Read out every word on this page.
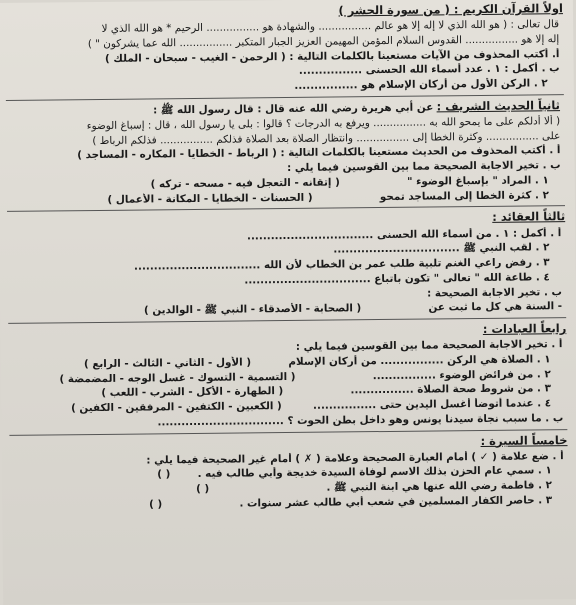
اولاً القرآن الكريم : ( من سورة الحشر )
قال تعالى : ( هو الله الذي لا إله إلا هو عالم ................ والشهادة هو ................ الرحيم * هو الله الذي لا
إله إلا هو ................ القدوس السلام المؤمن المهيمن العزيز الجبار المتكبر ................ الله عما يشركون " )
أ. أكتب المحذوف من الآيات مستعينا بالكلمات التالية : ( الرحمن - الغيب - سبحان - الملك )
ب . أكمل : ١ . عدد أسماء الله الحسنى ................
٢ . الركن الأول من أركان الإسلام هو ................
ثانياً الحديث الشريف : عن أبي هريرة رضي الله عنه قال : قال رسول الله ﷺ :
( ألا أدلكم على ما يمحو الله به ................ ويرفع به الدرجات ؟ قالوا : بلى يا رسول الله ، قال : إسباغ الوضوء
على ................ وكثرة الخطا إلى ................ وانتظار الصلاة بعد الصلاة فذلكم ................ فذلكم الرباط )
أ . أكتب المحذوف من الحديث مستعينا بالكلمات التالية : ( الرباط - الخطايا - المكاره - المساجد )
ب . تخير الاجابة الصحيحة مما بين القوسين فيما يلي :
١ . المراد " بإسباغ الوضوء "  ( إتقانه - التعجل فيه - مسحه - تركه )
٢ . كثرة الخطا إلى المساجد تمحو  ( الحسنات - الخطايا - المكانة - الأعمال )
ثالثاً العقائد :
أ . أكمل : ١ . من أسماء الله الحسنى ................................
٢ . لقب النبي ﷺ ................................
٣ . رفض راعي الغنم تلبية طلب عمر بن الخطاب لأن الله ................................
٤ . طاعة الله " تعالى " تكون باتباع ................................
ب . تخير الاجابة الصحيحة :
- السنة هي كل ما ثبت عن  ( الصحابة - الأصدقاء - النبي ﷺ - الوالدين )
رابعاً العبادات :
أ . تخير الاجابة الصحيحة مما بين القوسين فيما يلي :
١ . الصلاة هي الركن ................ من أركان الإسلام  ( الأول - الثاني - الثالث - الرابع )
٢ . من فرائض الوضوء ................  ( التسمية - التسوك - غسل الوجه - المضمضة )
٣ . من شروط صحة الصلاة ................  ( الطهارة - الأكل - الشرب - اللعب )
٤ . عندما أتوضأ أغسل اليدين حتى ................  ( الكعبين - الكتفين - المرفقين - الكفين )
ب . ما سبب نجاة سيدنا يونس وهو داخل بطن الحوت ؟ ................................
خامساً السيرة :
أ . ضع علامة ( ✓ ) أمام العبارة الصحيحة وعلامة ( ✗ ) أمام غير الصحيحة فيما يلي :
١ . سمي عام الحزن بذلك الاسم لوفاة السيدة خديجة وأبي طالب فيه .  ( )
٢ . فاطمة رضي الله عنها هي ابنة النبي ﷺ .  ( )
٣ . حاصر الكفار المسلمين في شعب أبي طالب عشر سنوات .  ( )
